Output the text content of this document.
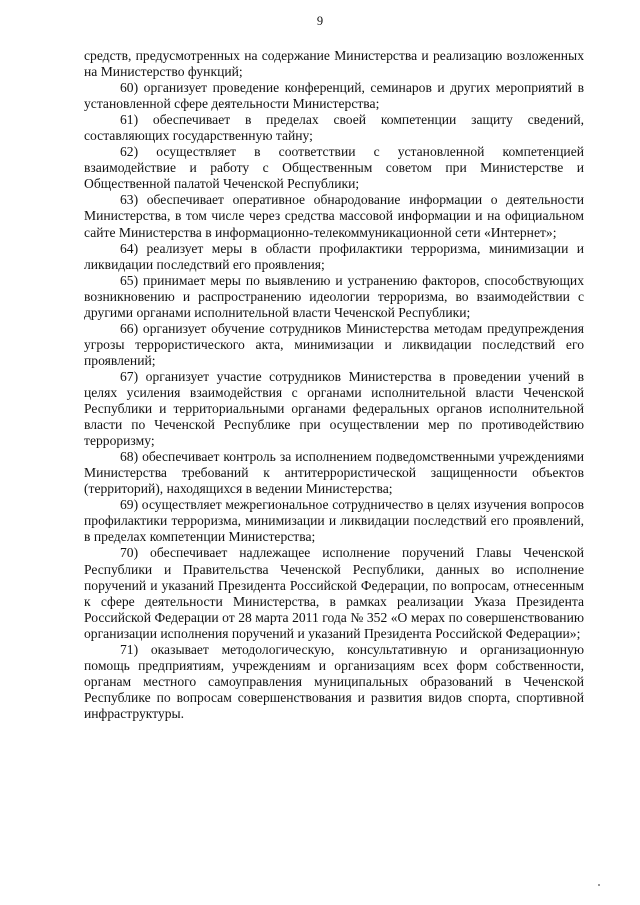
9

средств, предусмотренных на содержание Министерства и реализацию возложенных на Министерство функций;

60) организует проведение конференций, семинаров и других мероприятий в установленной сфере деятельности Министерства;

61) обеспечивает в пределах своей компетенции защиту сведений, составляющих государственную тайну;

62) осуществляет в соответствии с установленной компетенцией взаимодействие и работу с Общественным советом при Министерстве и Общественной палатой Чеченской Республики;

63) обеспечивает оперативное обнародование информации о деятельности Министерства, в том числе через средства массовой информации и на официальном сайте Министерства в информационно-телекоммуникационной сети «Интернет»;

64) реализует меры в области профилактики терроризма, минимизации и ликвидации последствий его проявления;

65) принимает меры по выявлению и устранению факторов, способствующих возникновению и распространению идеологии терроризма, во взаимодействии с другими органами исполнительной власти Чеченской Республики;

66) организует обучение сотрудников Министерства методам предупреждения угрозы террористического акта, минимизации и ликвидации последствий его проявлений;

67) организует участие сотрудников Министерства в проведении учений в целях усиления взаимодействия с органами исполнительной власти Чеченской Республики и территориальными органами федеральных органов исполнительной власти по Чеченской Республике при осуществлении мер по противодействию терроризму;

68) обеспечивает контроль за исполнением подведомственными учреждениями Министерства требований к антитеррористической защищенности объектов (территорий), находящихся в ведении Министерства;

69) осуществляет межрегиональное сотрудничество в целях изучения вопросов профилактики терроризма, минимизации и ликвидации последствий его проявлений, в пределах компетенции Министерства;

70) обеспечивает надлежащее исполнение поручений Главы Чеченской Республики и Правительства Чеченской Республики, данных во исполнение поручений и указаний Президента Российской Федерации, по вопросам, отнесенным к сфере деятельности Министерства, в рамках реализации Указа Президента Российской Федерации от 28 марта 2011 года № 352 «О мерах по совершенствованию организации исполнения поручений и указаний Президента Российской Федерации»;

71) оказывает методологическую, консультативную и организационную помощь предприятиям, учреждениям и организациям всех форм собственности, органам местного самоуправления муниципальных образований в Чеченской Республике по вопросам совершенствования и развития видов спорта, спортивной инфраструктуры.
